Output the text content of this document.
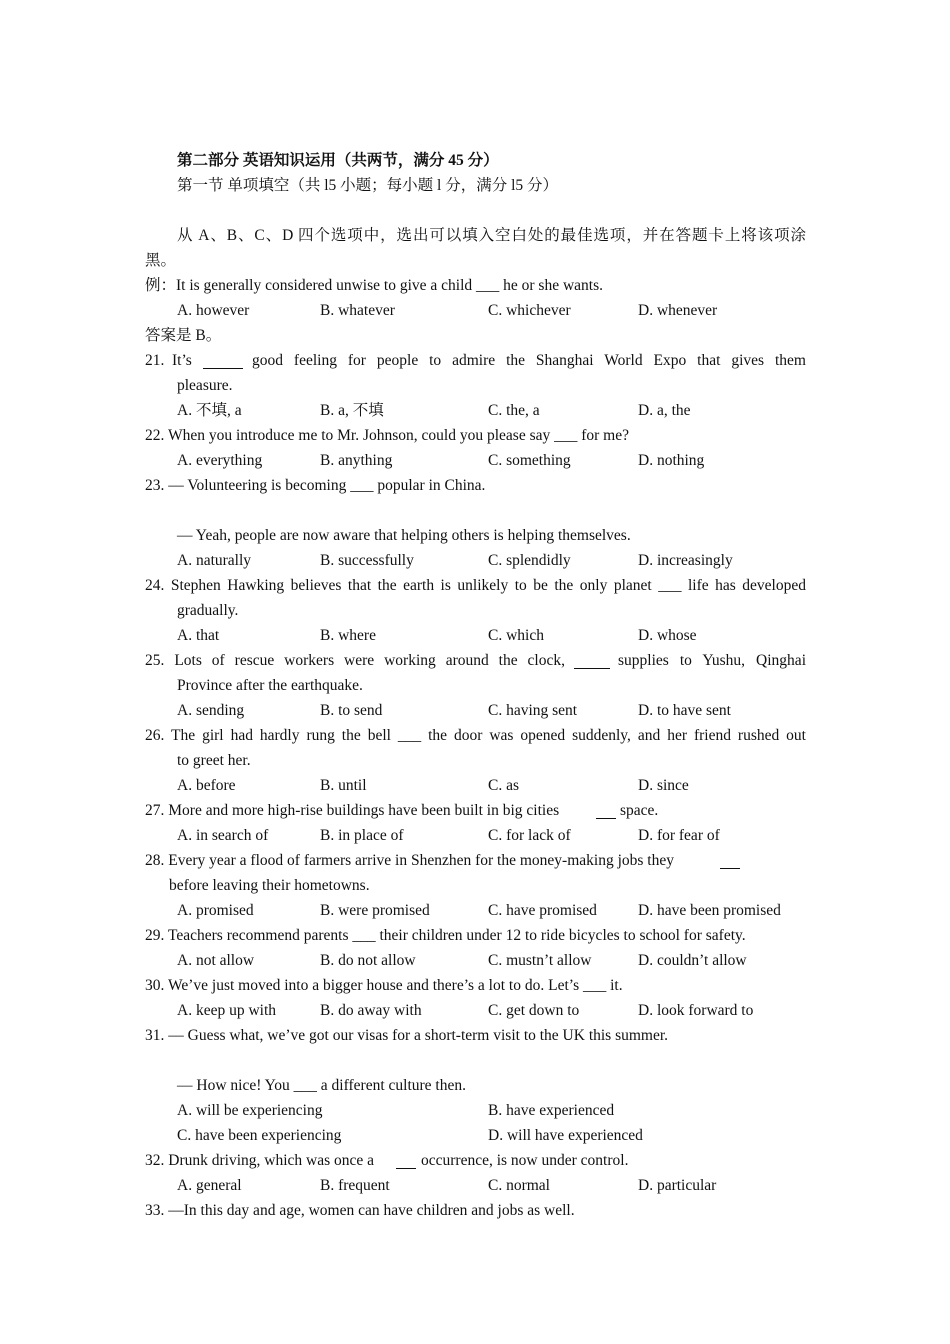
第二部分 英语知识运用（共两节，满分 45 分）
第一节 单项填空（共 l5 小题；每小题 l 分，满分 l5 分）
从 A、B、C、D 四个选项中，选出可以填入空白处的最佳选项，并在答题卡上将该项涂
黑。
例：It is generally considered unwise to give a child ___ he or she wants.
A. however	B. whatever	C. whichever	D. whenever
答案是 B。
21. It’s	good feeling for people to admire the Shanghai World Expo that gives them
pleasure.
A. 不填, a	B. a, 不填	C. the, a	D. a, the
22. When you introduce me to Mr. Johnson, could you please say ___ for me?
A. everything	B. anything	C. something	D. nothing
23. — Volunteering is becoming ___ popular in China.
— Yeah, people are now aware that helping others is helping themselves.
A. naturally	B. successfully	C. splendidly	D. increasingly
24. Stephen Hawking believes that the earth is unlikely to be the only planet ___ life has developed
gradually.
A. that	B. where	C. which	D. whose
25. Lots of rescue workers were working around the clock,	supplies to Yushu, Qinghai
Province after the earthquake.
A. sending	B. to send	C. having sent	D. to have sent
26. The girl had hardly rung the bell ___ the door was opened suddenly, and her friend rushed out
to greet her.
A. before	B. until	C. as	D. since
27. More and more high-rise buildings have been built in big cities	space.
A. in search of	B. in place of	C. for lack of	D. for fear of
28. Every year a flood of farmers arrive in Shenzhen for the money-making jobs they
before leaving their hometowns.
A. promised	B. were promised	C. have promised	D. have been promised
29. Teachers recommend parents ___ their children under 12 to ride bicycles to school for safety.
A. not allow	B. do not allow	C. mustn’t allow	D. couldn’t allow
30. We’ve just moved into a bigger house and there’s a lot to do. Let’s ___ it.
A. keep up with	B. do away with	C. get down to	D. look forward to
31. — Guess what, we’ve got our visas for a short-term visit to the UK this summer.
— How nice! You ___ a different culture then.
A. will be experiencing	B. have experienced
C. have been experiencing	D. will have experienced
32. Drunk driving, which was once a	occurrence, is now under control.
A. general	B. frequent	C. normal	D. particular
33. —In this day and age, women can have children and jobs as well.
